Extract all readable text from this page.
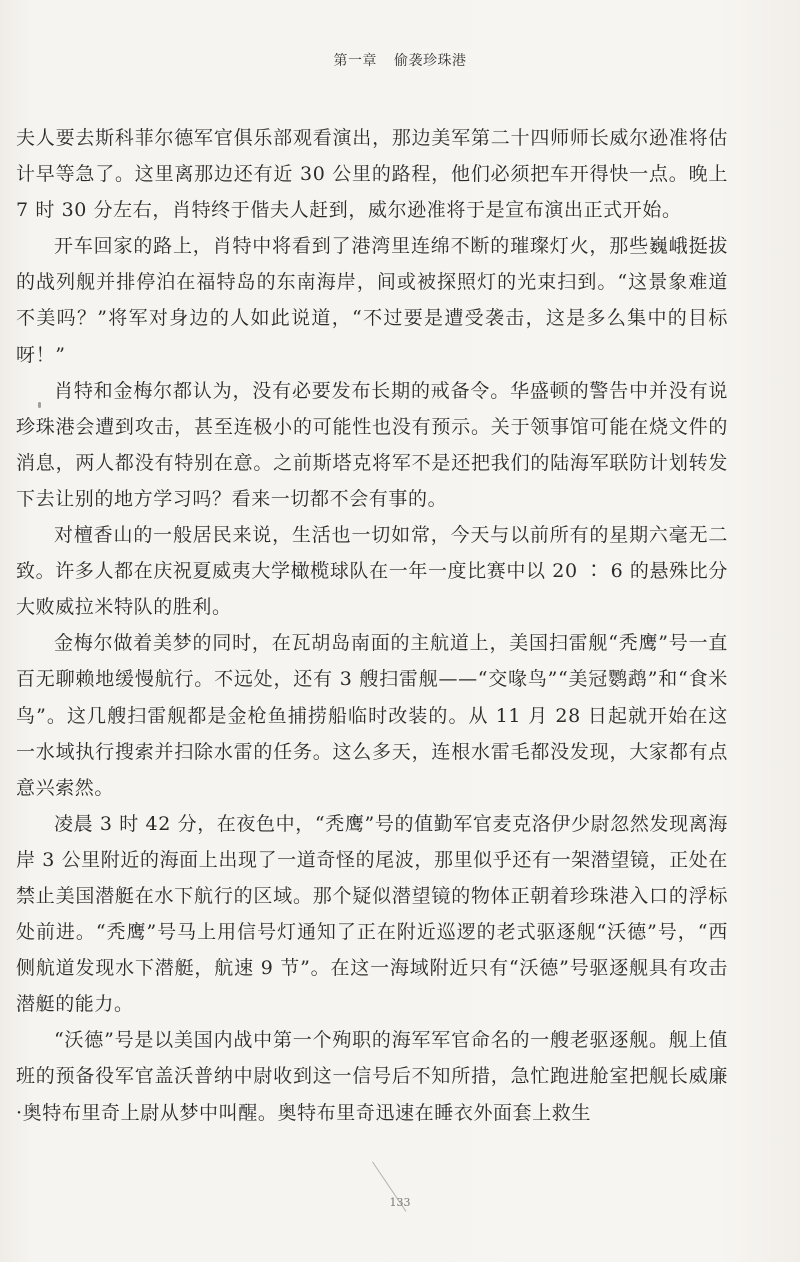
第一章 偷袭珍珠港

夫人要去斯科菲尔德军官俱乐部观看演出，那边美军第二十四师师长威尔逊准将估计早等急了。这里离那边还有近 30 公里的路程，他们必须把车开得快一点。晚上 7 时 30 分左右，肖特终于偕夫人赶到，威尔逊准将于是宣布演出正式开始。

开车回家的路上，肖特中将看到了港湾里连绵不断的璀璨灯火，那些巍峨挺拔的战列舰并排停泊在福特岛的东南海岸，间或被探照灯的光束扫到。“这景象难道不美吗？”将军对身边的人如此说道，“不过要是遭受袭击，这是多么集中的目标呀！”

肖特和金梅尔都认为，没有必要发布长期的戒备令。华盛顿的警告中并没有说珍珠港会遭到攻击，甚至连极小的可能性也没有预示。关于领事馆可能在烧文件的消息，两人都没有特别在意。之前斯塔克将军不是还把我们的陆海军联防计划转发下去让别的地方学习吗？看来一切都不会有事的。

对檀香山的一般居民来说，生活也一切如常，今天与以前所有的星期六毫无二致。许多人都在庆祝夏威夷大学橄榄球队在一年一度比赛中以 20 ∶ 6 的悬殊比分大败威拉米特队的胜利。

金梅尔做着美梦的同时，在瓦胡岛南面的主航道上，美国扫雷舰“秃鹰”号一直百无聊赖地缓慢航行。不远处，还有 3 艘扫雷舰——“交喙鸟”“美冠鹦鹉”和“食米鸟”。这几艘扫雷舰都是金枪鱼捕捞船临时改装的。从 11 月 28 日起就开始在这一水域执行搜索并扫除水雷的任务。这么多天，连根水雷毛都没发现，大家都有点意兴索然。

凌晨 3 时 42 分，在夜色中，“秃鹰”号的值勤军官麦克洛伊少尉忽然发现离海岸 3 公里附近的海面上出现了一道奇怪的尾波，那里似乎还有一架潜望镜，正处在禁止美国潜艇在水下航行的区域。那个疑似潜望镜的物体正朝着珍珠港入口的浮标处前进。“秃鹰”号马上用信号灯通知了正在附近巡逻的老式驱逐舰“沃德”号，“西侧航道发现水下潜艇，航速 9 节”。在这一海域附近只有“沃德”号驱逐舰具有攻击潜艇的能力。

“沃德”号是以美国内战中第一个殉职的海军军官命名的一艘老驱逐舰。舰上值班的预备役军官盖沃普纳中尉收到这一信号后不知所措，急忙跑进舱室把舰长威廉·奥特布里奇上尉从梦中叫醒。奥特布里奇迅速在睡衣外面套上救生

133
